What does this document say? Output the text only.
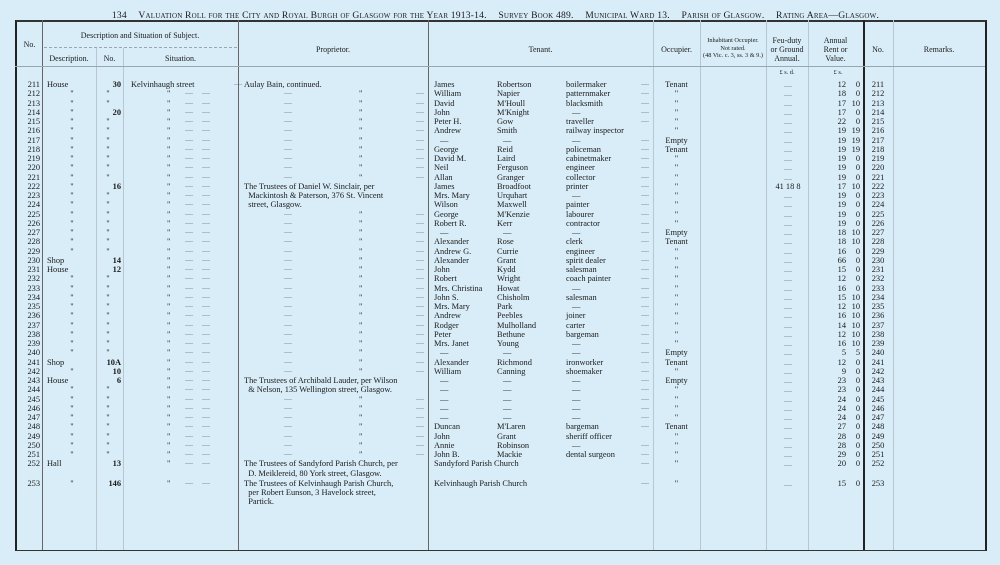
134 Valuation Roll for the City and Royal Burgh of Glasgow for the Year 1913-14. Survey Book 489. Municipal Ward 13. Parish of Glasgow. Rating Area—Glasgow.
No.
Description and Situation of Subject.
Description.	No.	Situation.
Proprietor.	Tenant.	Occupier.
Inhabitant Occupier.
Not rated.
(48 Vic. c. 3, ss. 3 & 9.)
Feu-duty
or Ground
Annual.
Annual
Rent or
Value.
No.	Remarks.
£ s. d.	£ s.
211 House	30 Kelvinhaugh street ․․․․	Aulay Bain, continued.	James	Robertson	boilermaker ․․․․	Tenant	․․․․	12	0	211
212	"	"	"	"	William	Napier	patternmaker ․․․․	"	․․․․	18	0	212
213	"	"	"	"	David	M'Houll	blacksmith ․․․․	"	․․․․	17 10	213
214	"	20	"	"	John	M'Knight	— ․․․․	"	․․․․	17	0	214
215	"	"	"	"	Peter H.	Gow	traveller ․․․․	"	․․․․	22	0	215
216	"	"	"	"	Andrew	Smith	railway inspector	"	․․․․	19 19	216
217	"	"	"	"	—	—	— ․․․․	Empty	․․․․	19 19	217
218	"	"	"	"	George	Reid	policeman ․․․․	Tenant	․․․․	19 19	218
219	"	"	"	"	David M.	Laird	cabinetmaker ․․․․	"	․․․․	19	0	219
220	"	"	"	"	Neil	Ferguson	engineer ․․․․	"	․․․․	19	0	220
221	"	"	"	"	Allan	Granger	collector ․․․․	"	․․․․	19	0	221
222	"	16	"	The Trustees of Daniel W. Sinclair, per	James	Broadfoot	printer ․․․․	"	41 18 8	17 10	222
223	"	"	"	Mackintosh & Paterson, 376 St. Vincent	Mrs. Mary	Urquhart	— ․․․․	"	․․․․	19	0	223
224	"	"	"	street, Glasgow.	Wilson	Maxwell	painter ․․․․	"	․․․․	19	0	224
225	"	"	"	"	George	M'Kenzie	labourer ․․․․	"	․․․․	19	0	225
226	"	"	"	"	Robert R.	Kerr	contractor ․․․․	"	․․․․	19	0	226
227	"	"	"	"	—	—	— ․․․․	Empty	․․․․	18 10	227
228	"	"	"	"	Alexander	Rose	clerk ․․․․	Tenant	․․․․	18 10	228
229	"	"	"	"	Andrew G.	Currie	engineer ․․․․	"	․․․․	16	0	229
230 Shop	14	"	"	Alexander	Grant	spirit dealer ․․․․	"	․․․․	66	0	230
231 House	12	"	"	John	Kydd	salesman ․․․․	"	․․․․	15	0	231
232	"	"	"	"	Robert	Wright	coach painter ․․․․	"	․․․․	12	0	232
233	"	"	"	"	Mrs. Christina	Howat	— ․․․․	"	․․․․	16	0	233
234	"	"	"	"	John S.	Chisholm	salesman ․․․․	"	․․․․	15 10	234
235	"	"	"	"	Mrs. Mary	Park	— ․․․․	"	․․․․	12 10	235
236	"	"	"	"	Andrew	Peebles	joiner ․․․․	"	․․․․	16 10	236
237	"	"	"	"	Rodger	Mulholland	carter ․․․․	"	․․․․	14 10	237
238	"	"	"	"	Peter	Bethune	bargeman ․․․․	"	․․․․	12 10	238
239	"	"	"	"	Mrs. Janet	Young	— ․․․․	"	․․․․	16 10	239
240	"	"	"	"	—	—	— ․․․․	Empty	․․․․	5	5	240
241 Shop	10A	"	"	Alexander	Richmond	ironworker ․․․․	Tenant	․․․․	12	0	241
242	"	10	"	"	William	Canning	shoemaker ․․․․	"	․․․․	9	0	242
243 House	6	"	The Trustees of Archibald Lauder, per Wilson	—	—	— ․․․․	Empty	․․․․	23	0	243
244	"	"	"	& Nelson, 135 Wellington street, Glasgow.	—	—	— ․․․․	"	․․․․	23	0	244
245	"	"	"	"	—	—	— ․․․․	"	․․․․	24	0	245
246	"	"	"	"	—	—	— ․․․․	"	․․․․	24	0	246
247	"	"	"	"	—	—	— ․․․․	"	․․․․	24	0	247
248	"	"	"	"	Duncan	M'Laren	bargeman ․․․․	Tenant	․․․․	27	0	248
249	"	"	"	"	John	Grant	sheriff officer	"	․․․․	28	0	249
250	"	"	"	"	Annie	Robinson	— ․․․․	"	․․․․	28	0	250
251	"	"	"	"	John B.	Mackie	dental surgeon ․․․․	"	․․․․	29	0	251
252 Hall	13	"	The Trustees of Sandyford Parish Church, per	Sandyford Parish Church	"	․․․․	20	0	252
D. Meiklereid, 80 York street, Glasgow.
253	"	146	"	The Trustees of Kelvinhaugh Parish Church,	Kelvinhaugh Parish Church	"	․․․․	15	0	253
per Robert Eunson, 3 Havelock street,
Partick.
